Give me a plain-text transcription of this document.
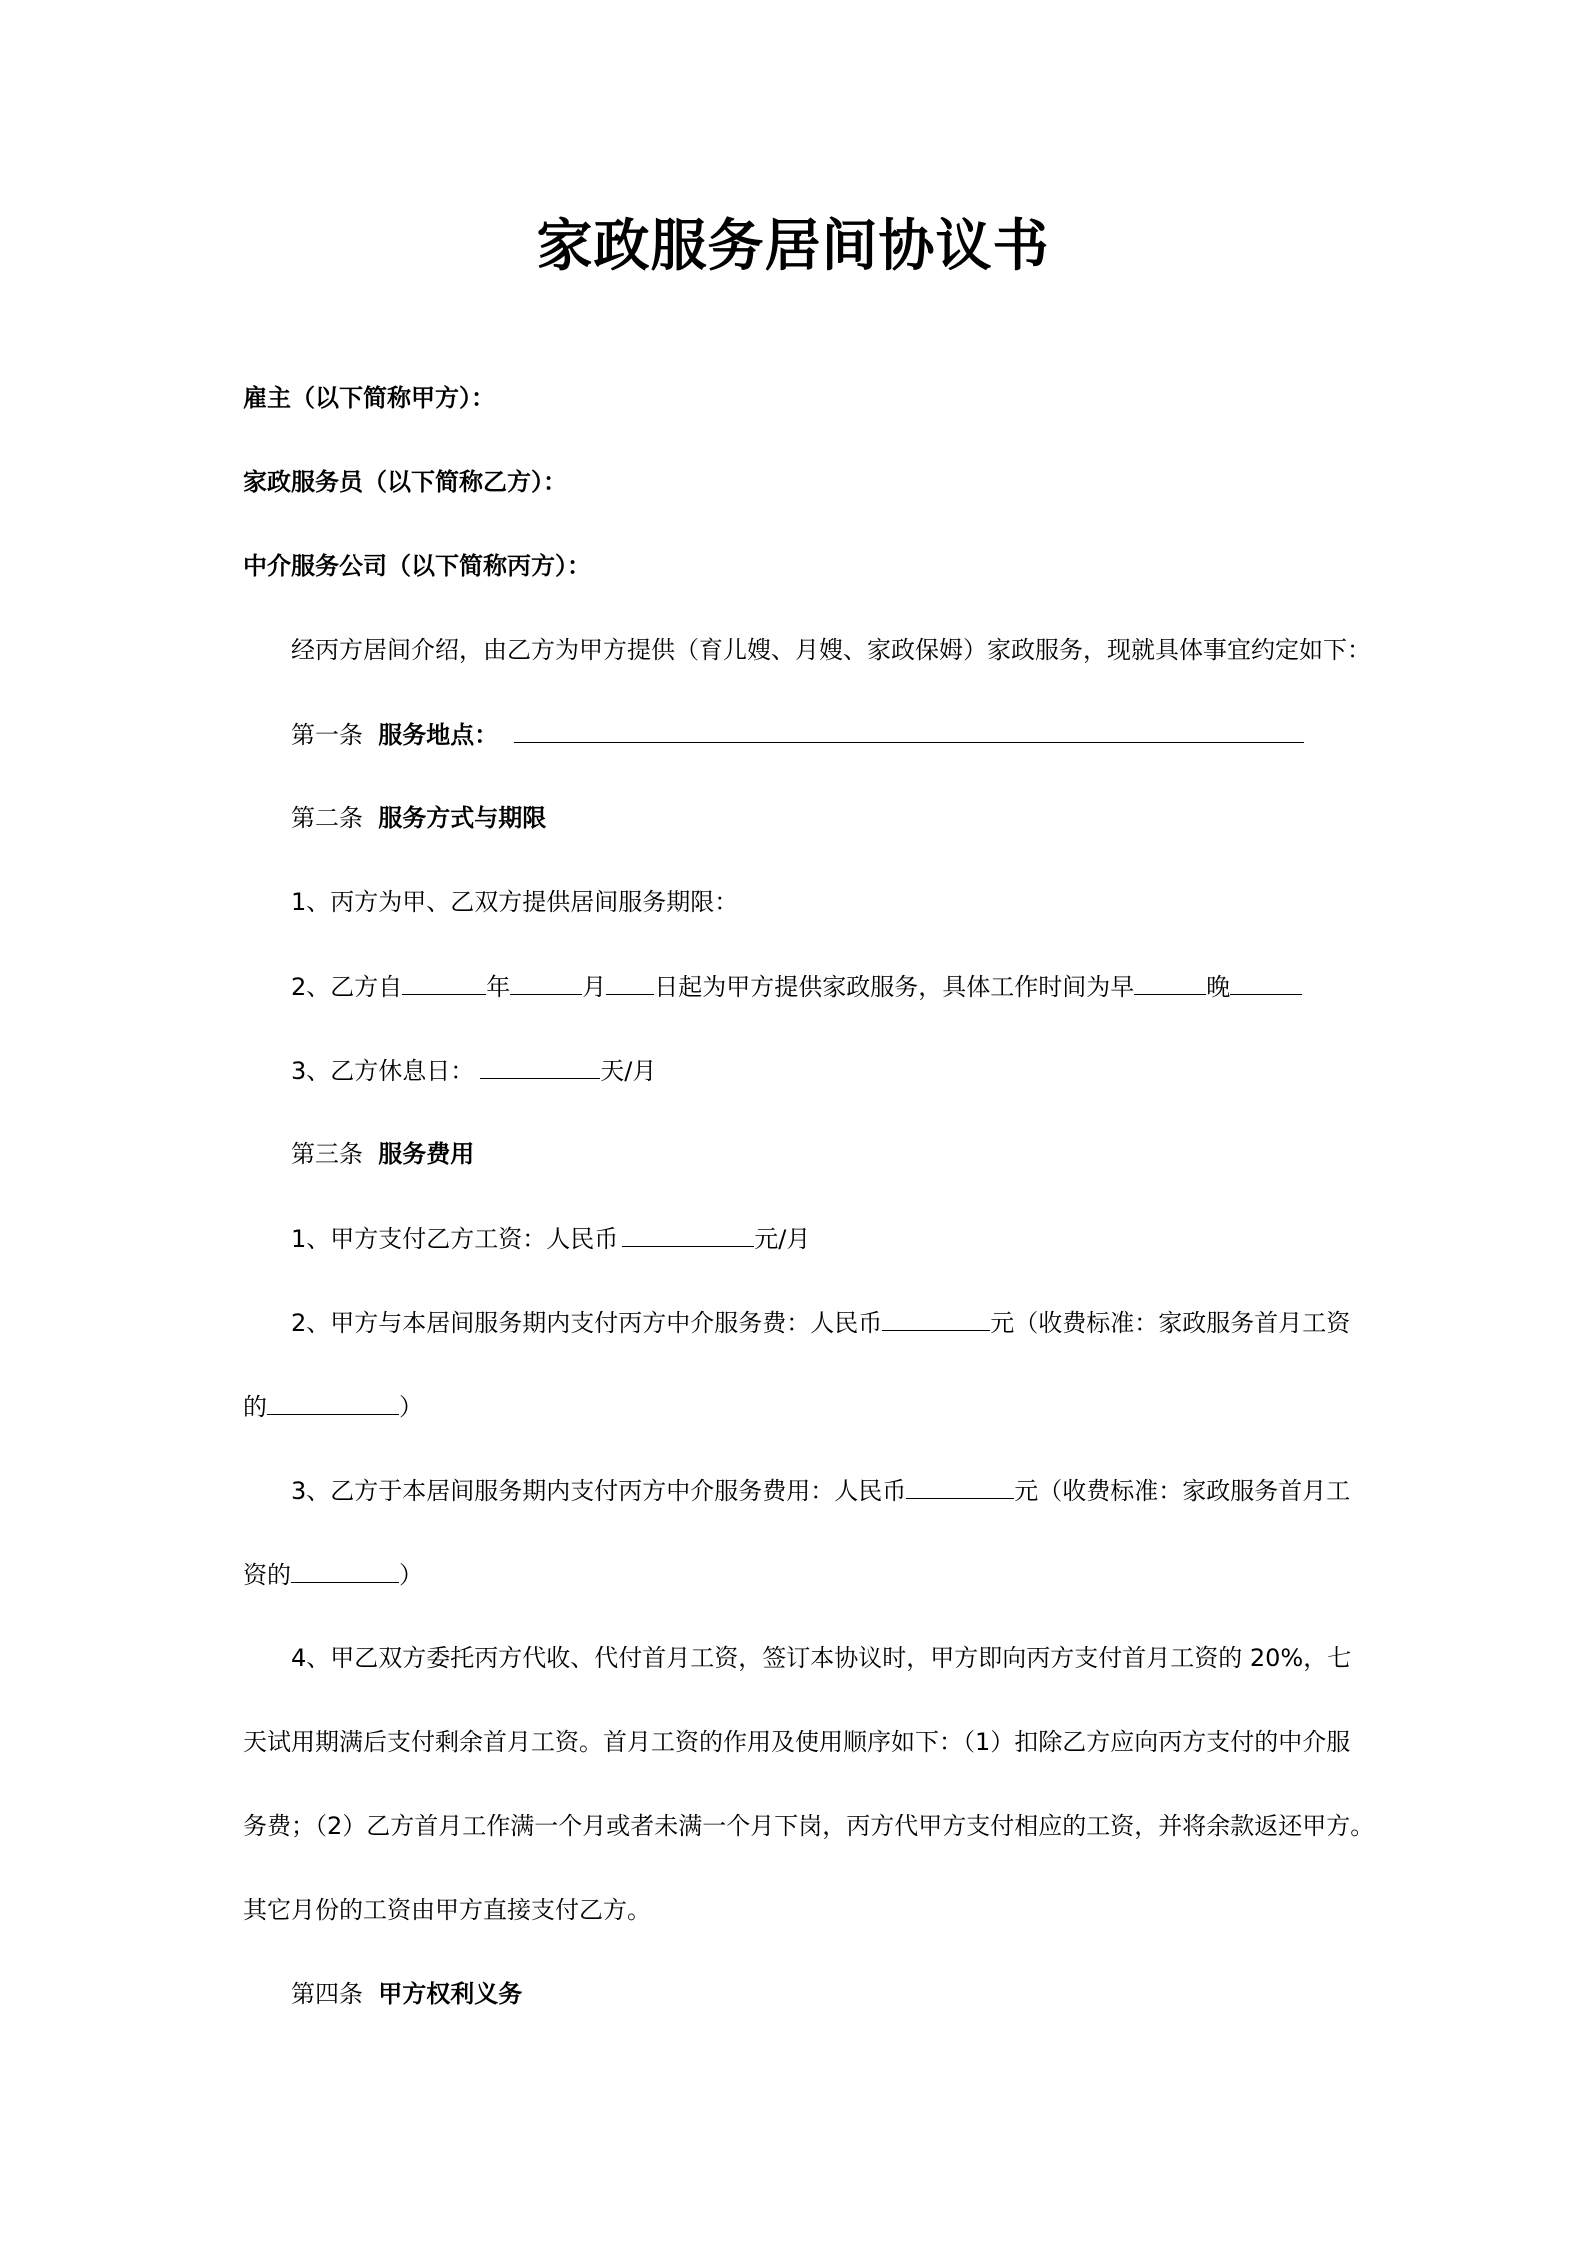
家政服务居间协议书
雇主（以下简称甲方）：
家政服务员（以下简称乙方）：
中介服务公司（以下简称丙方）：
经丙方居间介绍，由乙方为甲方提供（育儿嫂、月嫂、家政保姆）家政服务，现就具体事宜约定如下：
第一条 服务地点：
第二条 服务方式与期限
1、丙方为甲、乙双方提供居间服务期限：
2、乙方自	年	月 日起为甲方提供家政服务，具体工作时间为早	晚
3、乙方休息日：	天/月
第三条 服务费用
1、甲方支付乙方工资：人民币	元/月
2、甲方与本居间服务期内支付丙方中介服务费：人民币	元（收费标准：家政服务首月工资
的	）
3、乙方于本居间服务期内支付丙方中介服务费用：人民币	元（收费标准：家政服务首月工
资的	）
4、甲乙双方委托丙方代收、代付首月工资，签订本协议时，甲方即向丙方支付首月工资的 20%，七
天试用期满后支付剩余首月工资。首月工资的作用及使用顺序如下：（1）扣除乙方应向丙方支付的中介服
务费；（2）乙方首月工作满一个月或者未满一个月下岗，丙方代甲方支付相应的工资，并将余款返还甲方。
其它月份的工资由甲方直接支付乙方。
第四条 甲方权利义务
